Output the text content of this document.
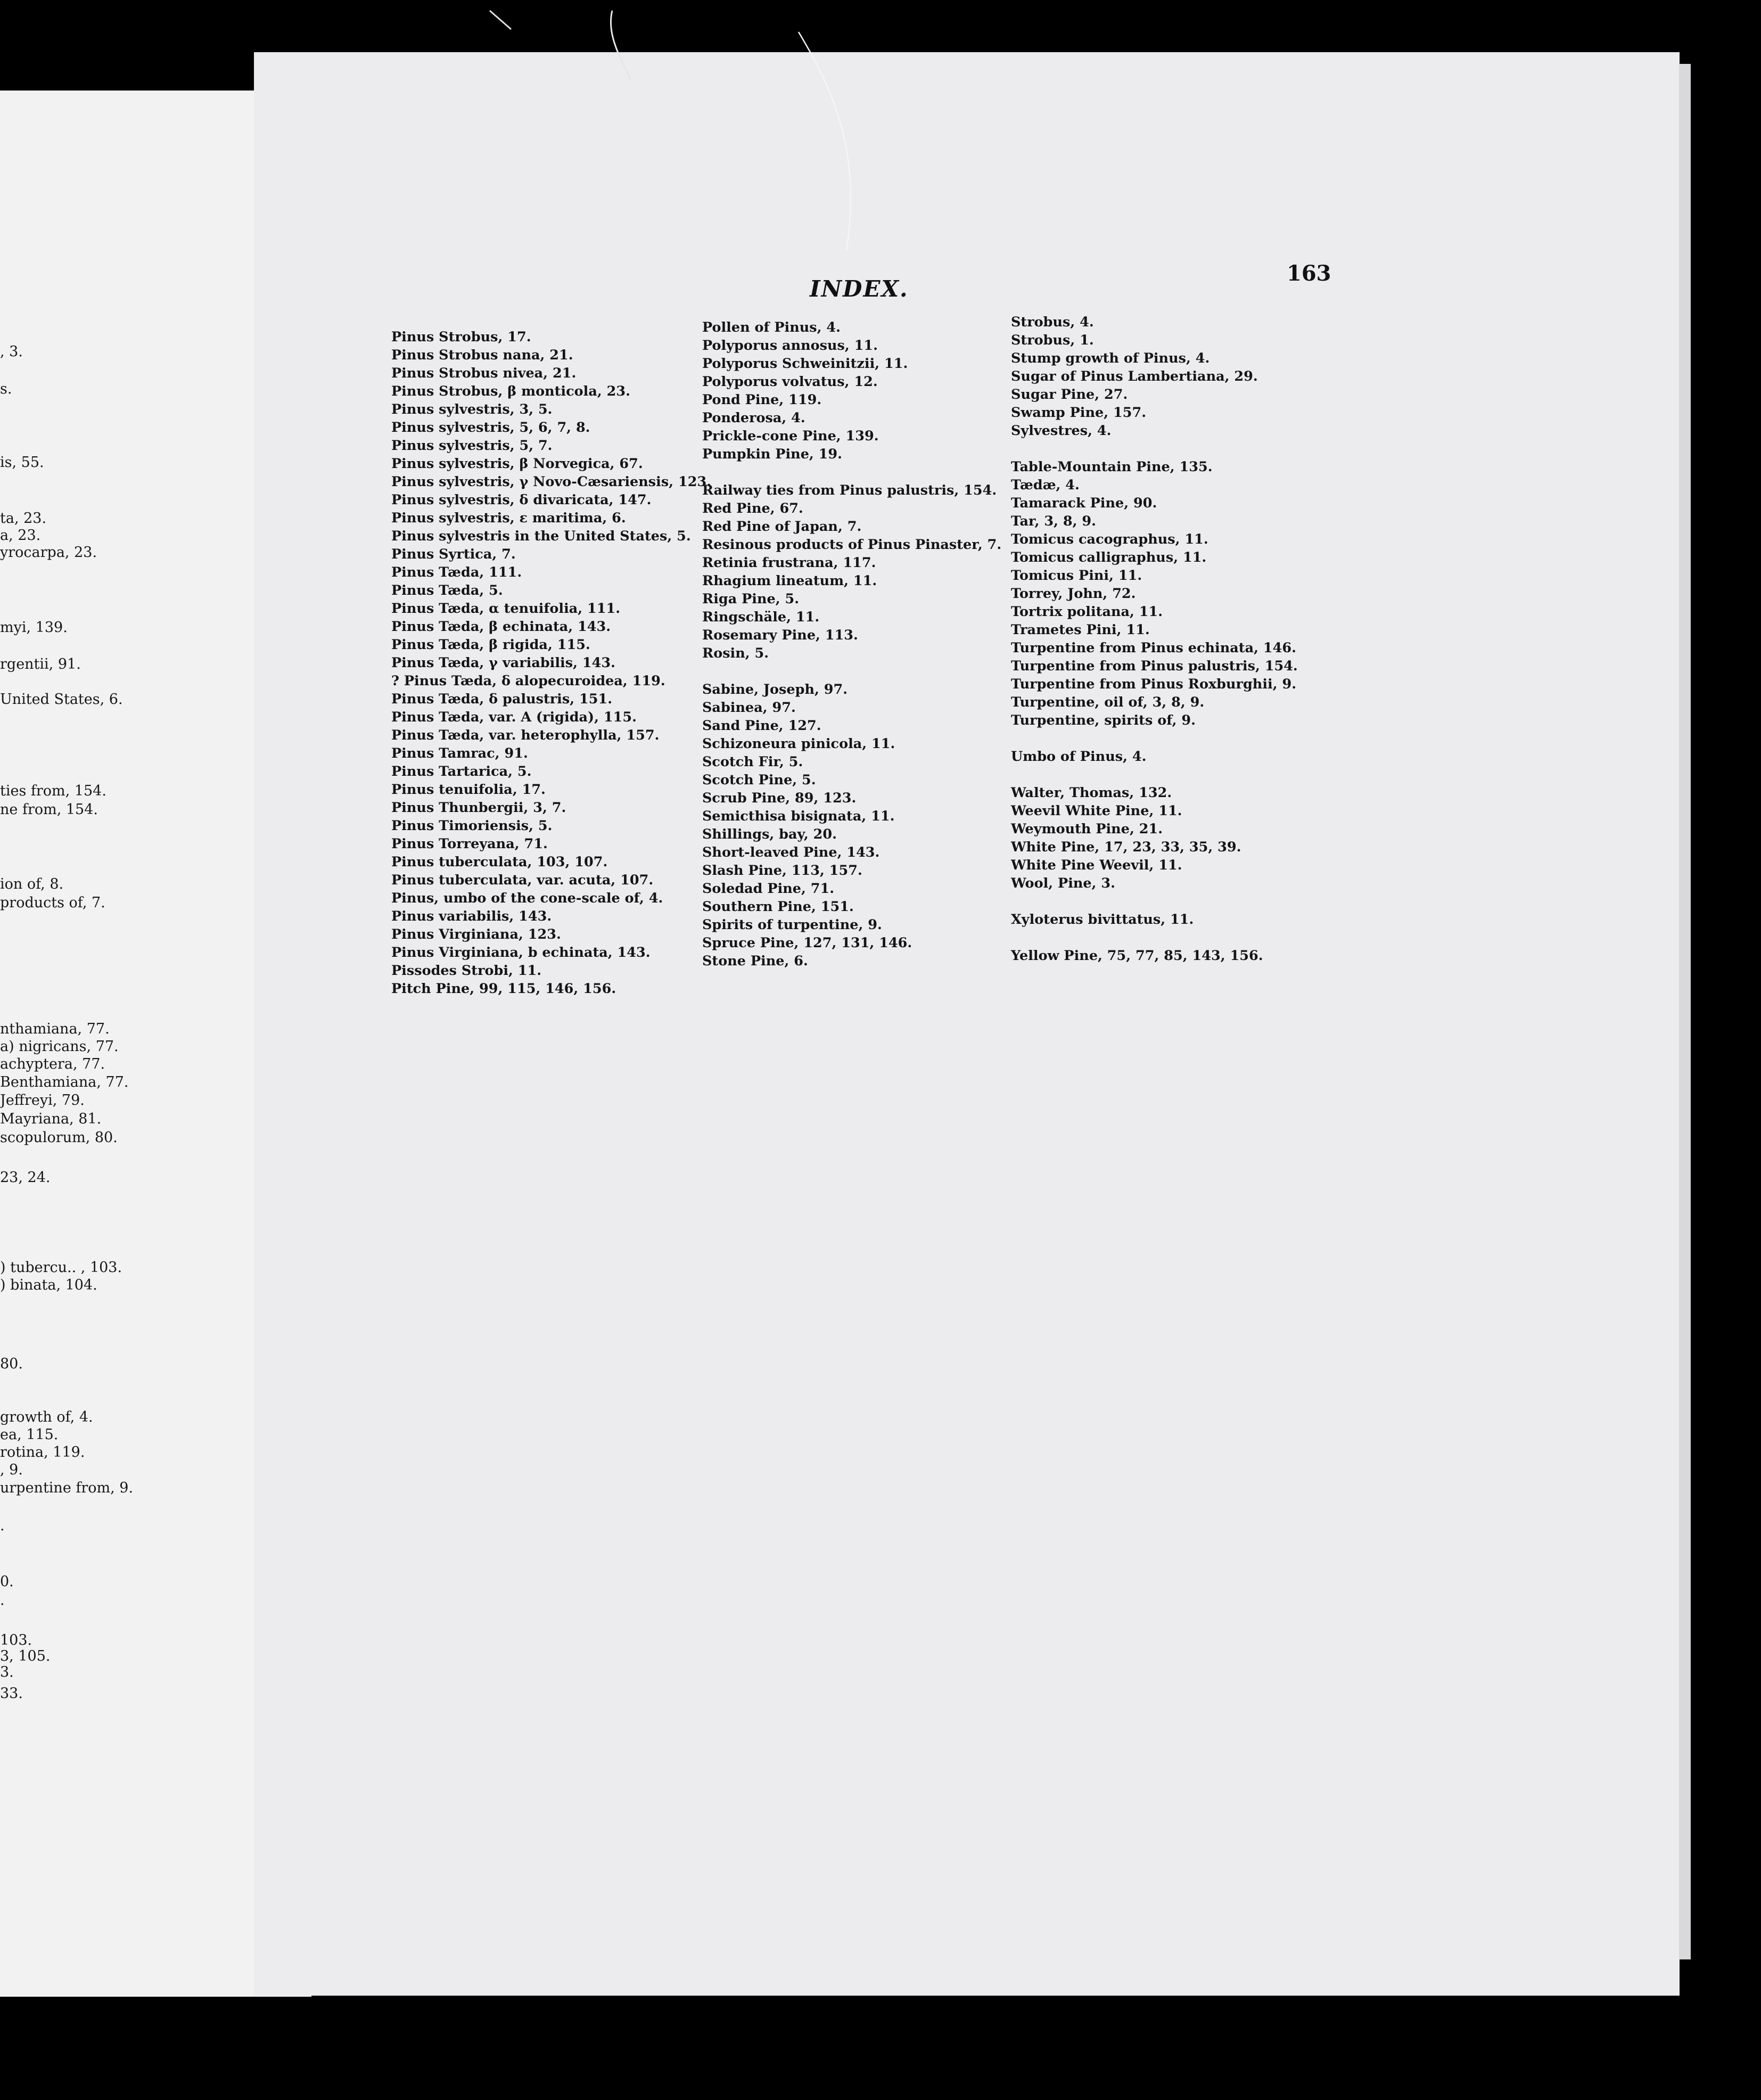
, 3.
s.
is, 55.
ta, 23.
a, 23.
yrocarpa, 23.
myi, 139.
rgentii, 91.
United States, 6.
ties from, 154.
ne from, 154.
ion of, 8.
products of, 7.
nthamiana, 77.
a) nigricans, 77.
achyptera, 77.
Benthamiana, 77.
Jeffreyi, 79.
Mayriana, 81.
scopulorum, 80.
23, 24.
) tubercu.. , 103.
) binata, 104.
80.
growth of, 4.
ea, 115.
rotina, 119.
, 9.
urpentine from, 9.
.
0.
.
103.
3, 105.
3.
33.
INDEX.
163
Pinus Strobus, 17.
Pinus Strobus nana, 21.
Pinus Strobus nivea, 21.
Pinus Strobus, β monticola, 23.
Pinus sylvestris, 3, 5.
Pinus sylvestris, 5, 6, 7, 8.
Pinus sylvestris, 5, 7.
Pinus sylvestris, β Norvegica, 67.
Pinus sylvestris, γ Novo-Cæsariensis, 123.
Pinus sylvestris, δ divaricata, 147.
Pinus sylvestris, ε maritima, 6.
Pinus sylvestris in the United States, 5.
Pinus Syrtica, 7.
Pinus Tæda, 111.
Pinus Tæda, 5.
Pinus Tæda, α tenuifolia, 111.
Pinus Tæda, β echinata, 143.
Pinus Tæda, β rigida, 115.
Pinus Tæda, γ variabilis, 143.
? Pinus Tæda, δ alopecuroidea, 119.
Pinus Tæda, δ palustris, 151.
Pinus Tæda, var. A (rigida), 115.
Pinus Tæda, var. heterophylla, 157.
Pinus Tamrac, 91.
Pinus Tartarica, 5.
Pinus tenuifolia, 17.
Pinus Thunbergii, 3, 7.
Pinus Timoriensis, 5.
Pinus Torreyana, 71.
Pinus tuberculata, 103, 107.
Pinus tuberculata, var. acuta, 107.
Pinus, umbo of the cone-scale of, 4.
Pinus variabilis, 143.
Pinus Virginiana, 123.
Pinus Virginiana, b echinata, 143.
Pissodes Strobi, 11.
Pitch Pine, 99, 115, 146, 156.
Pollen of Pinus, 4.
Polyporus annosus, 11.
Polyporus Schweinitzii, 11.
Polyporus volvatus, 12.
Pond Pine, 119.
Ponderosa, 4.
Prickle-cone Pine, 139.
Pumpkin Pine, 19.
Railway ties from Pinus palustris, 154.
Red Pine, 67.
Red Pine of Japan, 7.
Resinous products of Pinus Pinaster, 7.
Retinia frustrana, 117.
Rhagium lineatum, 11.
Riga Pine, 5.
Ringschäle, 11.
Rosemary Pine, 113.
Rosin, 5.
Sabine, Joseph, 97.
Sabinea, 97.
Sand Pine, 127.
Schizoneura pinicola, 11.
Scotch Fir, 5.
Scotch Pine, 5.
Scrub Pine, 89, 123.
Semicthisa bisignata, 11.
Shillings, bay, 20.
Short-leaved Pine, 143.
Slash Pine, 113, 157.
Soledad Pine, 71.
Southern Pine, 151.
Spirits of turpentine, 9.
Spruce Pine, 127, 131, 146.
Stone Pine, 6.
Strobus, 4.
Strobus, 1.
Stump growth of Pinus, 4.
Sugar of Pinus Lambertiana, 29.
Sugar Pine, 27.
Swamp Pine, 157.
Sylvestres, 4.
Table-Mountain Pine, 135.
Tædæ, 4.
Tamarack Pine, 90.
Tar, 3, 8, 9.
Tomicus cacographus, 11.
Tomicus calligraphus, 11.
Tomicus Pini, 11.
Torrey, John, 72.
Tortrix politana, 11.
Trametes Pini, 11.
Turpentine from Pinus echinata, 146.
Turpentine from Pinus palustris, 154.
Turpentine from Pinus Roxburghii, 9.
Turpentine, oil of, 3, 8, 9.
Turpentine, spirits of, 9.
Umbo of Pinus, 4.
Walter, Thomas, 132.
Weevil White Pine, 11.
Weymouth Pine, 21.
White Pine, 17, 23, 33, 35, 39.
White Pine Weevil, 11.
Wool, Pine, 3.
Xyloterus bivittatus, 11.
Yellow Pine, 75, 77, 85, 143, 156.
